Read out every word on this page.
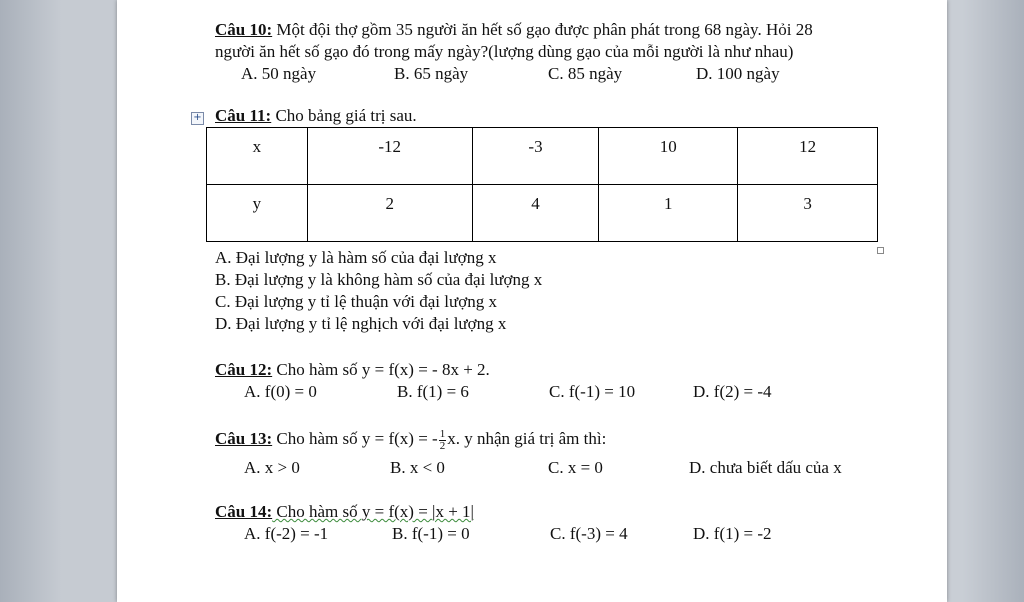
Câu 10: Một đội thợ gồm 35 người ăn hết số gạo được phân phát trong 68 ngày. Hỏi 28
người ăn hết số gạo đó trong mấy ngày?(lượng dùng gạo của mỗi người là như nhau)
A. 50 ngày	B. 65 ngày	C. 85 ngày	D. 100 ngày
+ Câu 11: Cho bảng giá trị sau.
x	-12	-3	10	12
y	2	4	1	3
A. Đại lượng y là hàm số của đại lượng x
B. Đại lượng y là không hàm số của đại lượng x
C. Đại lượng y tỉ lệ thuận với đại lượng x
D. Đại lượng y tỉ lệ nghịch với đại lượng x
Câu 12: Cho hàm số y = f(x) = - 8x + 2.
A. f(0) = 0	B. f(1) = 6	C. f(-1) = 10	D. f(2) = -4
Câu 13: Cho hàm số y = f(x) = - $\frac{1}{2} x$. y nhận giá trị âm thì:
A. x > 0	B. x < 0	C. x = 0	D. chưa biết dấu của x
Câu 14: Cho hàm số y = f(x) = |x + 1|
A. f(-2) = -1	B. f(-1) = 0	C. f(-3) = 4	D. f(1) = -2
